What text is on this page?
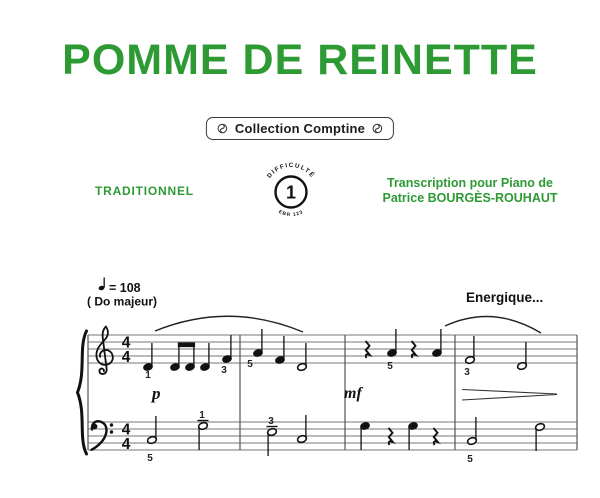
POMME DE REINETTE
Collection Comptine
TRADITIONNEL
Transcription pour Piano de
Patrice BOURGÈS-ROUHAUT
DIFFICULTÉ
1
EBR 123
= 108
( Do majeur)	Energique...
4
4
4
4
p	mf
1	3
5	5
3
5
1
3
5
